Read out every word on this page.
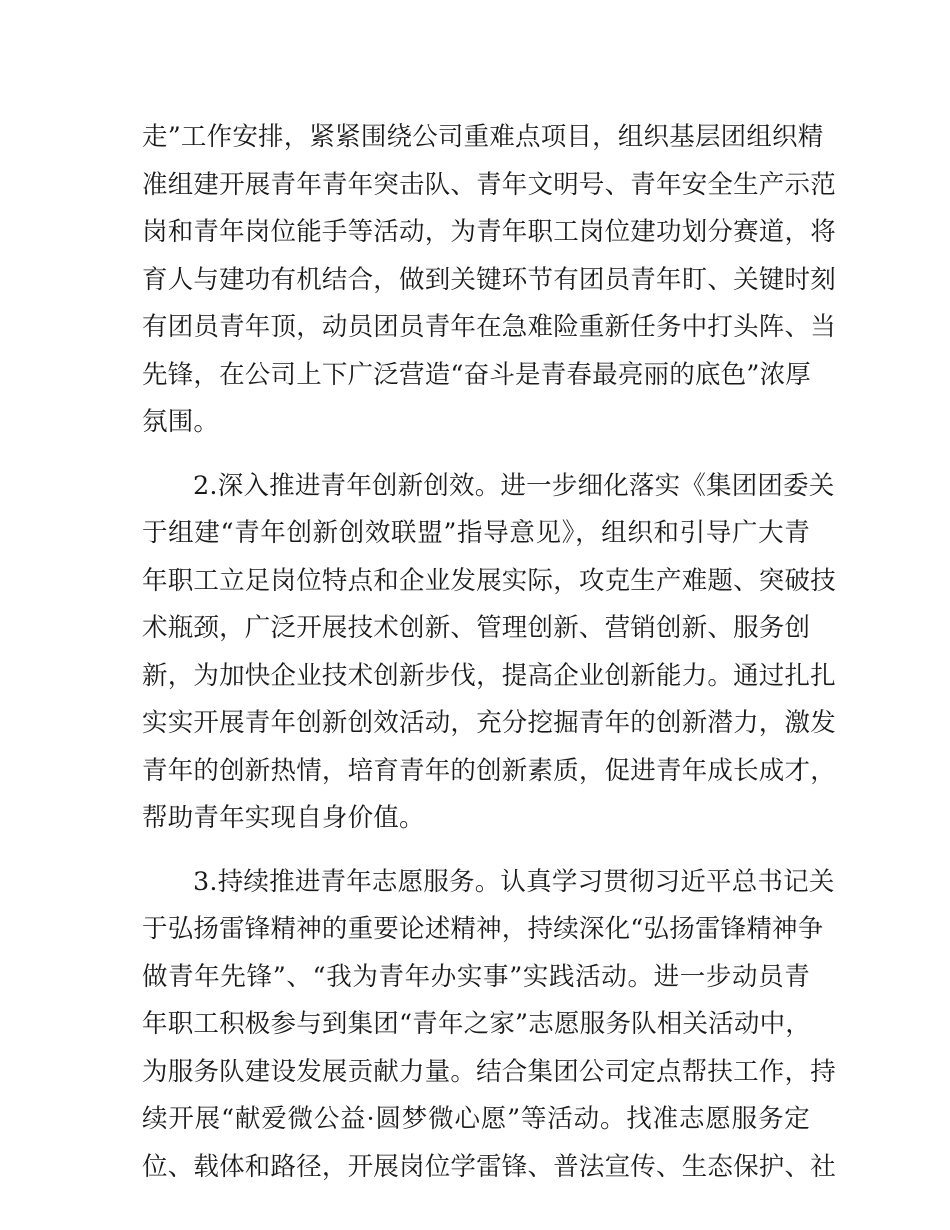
走”工作安排，紧紧围绕公司重难点项目，组织基层团组织精
准组建开展青年青年突击队、青年文明号、青年安全生产示范
岗和青年岗位能手等活动，为青年职工岗位建功划分赛道，将
育人与建功有机结合，做到关键环节有团员青年盯、关键时刻
有团员青年顶，动员团员青年在急难险重新任务中打头阵、当
先锋，在公司上下广泛营造“奋斗是青春最亮丽的底色”浓厚
氛围。
2.深入推进青年创新创效。进一步细化落实《集团团委关
于组建“青年创新创效联盟”指导意见》，组织和引导广大青
年职工立足岗位特点和企业发展实际，攻克生产难题、突破技
术瓶颈，广泛开展技术创新、管理创新、营销创新、服务创
新，为加快企业技术创新步伐，提高企业创新能力。通过扎扎
实实开展青年创新创效活动，充分挖掘青年的创新潜力，激发
青年的创新热情，培育青年的创新素质，促进青年成长成才，
帮助青年实现自身价值。
3.持续推进青年志愿服务。认真学习贯彻习近平总书记关
于弘扬雷锋精神的重要论述精神，持续深化“弘扬雷锋精神争
做青年先锋”、“我为青年办实事”实践活动。进一步动员青
年职工积极参与到集团“青年之家”志愿服务队相关活动中，
为服务队建设发展贡献力量。结合集团公司定点帮扶工作，持
续开展“献爱微公益·圆梦微心愿”等活动。找准志愿服务定
位、载体和路径，开展岗位学雷锋、普法宣传、生态保护、社
